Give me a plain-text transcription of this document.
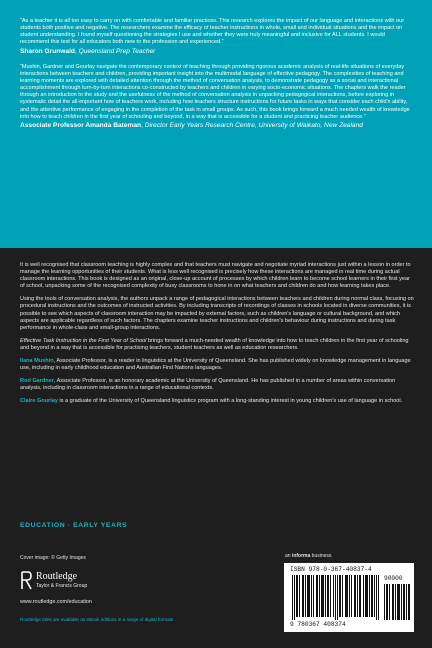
“As a teacher it is all too easy to carry on with comfortable and familiar practices. This research explores the impact of our language and interactions with our students both positive and negative. The researchers examine the efficacy of teacher instructions in whole, small and individual situations and the impact on student understanding. I found myself questioning the strategies I use and whether they were truly meaningful and inclusive for ALL students. I would recommend this text for all educators both new to the profession and experienced.”

Sharon Grunwald, Queensland Prep Teacher

“Mushin, Gardner and Gourlay navigate the contemporary context of teaching through providing rigorous academic analysis of real-life situations of everyday interactions between teachers and children, providing important insight into the multimodal language of effective pedagogy. The complexities of teaching and learning moments are explored with detailed attention through the method of conversation analysis, to demonstrate pedagogy as a social and interactional accomplishment through turn-by-turn interactions co-constructed by teachers and children in varying socio-economic situations. The chapters walk the reader through an introduction to the study and the usefulness of the method of conversation analysis in unpacking pedagogical interactions, before exploring in systematic detail the all-important how of teachers work, including how teachers structure instructions for future tasks in ways that consider each child's ability, and the attentive performance of engaging in the completion of the task in small groups. As such, this book brings forward a much needed wealth of knowledge into how to teach children in the first year of schooling and beyond, in a way that is accessible for a student and practicing teacher audience.”

Associate Professor Amanda Bateman, Director Early Years Research Centre, University of Waikato, New Zealand

It is well recognised that classroom teaching is highly complex and that teachers must navigate and negotiate myriad interactions just within a lesson in order to manage the learning opportunities of their students. What is less well recognised is precisely how these interactions are managed in real time during actual classroom interactions. This book is designed as an original, close-up account of processes by which children learn to become school learners in their first year of school, unpacking some of the recognised complexity of busy classrooms to hone in on what teachers and children do and how learning takes place.

Using the tools of conversation analysis, the authors unpack a range of pedagogical interactions between teachers and children during normal class, focusing on procedural instructions and the outcomes of instructed activities. By including transcripts of recordings of classes in schools located in diverse communities, it is possible to see which aspects of classroom interaction may be impacted by external factors, such as children's language or cultural background, and which aspects are applicable regardless of such factors. The chapters examine teacher instructions and children's behaviour during instructions and during task performance in whole-class and small-group interactions.

Effective Task Instruction in the First Year of School brings forward a much-needed wealth of knowledge into how to teach children in the first year of schooling and beyond in a way that is accessible for practising teachers, student teachers as well as education researchers.

Ilana Mushin, Associate Professor, is a reader in linguistics at the University of Queensland. She has published widely on knowledge management in language use, including in early childhood education and Australian First Nations languages.

Rod Gardner, Associate Professor, is an honorary academic at the University of Queensland. He has published in a number of areas within conversation analysis, including in classroom interactions in a range of educational contexts.

Claire Gourlay is a graduate of the University of Queensland linguistics program with a long-standing interest in young children's use of language in school.

EDUCATION · EARLY YEARS
Cover image: © Getty Images	an informa business
Routledge
Taylor & Francis Group
www.routledge.com/education
Routledge titles are available as eBook editions in a range of digital formats
ISBN 978-0-367-40837-4
90000
9 780367 408374
